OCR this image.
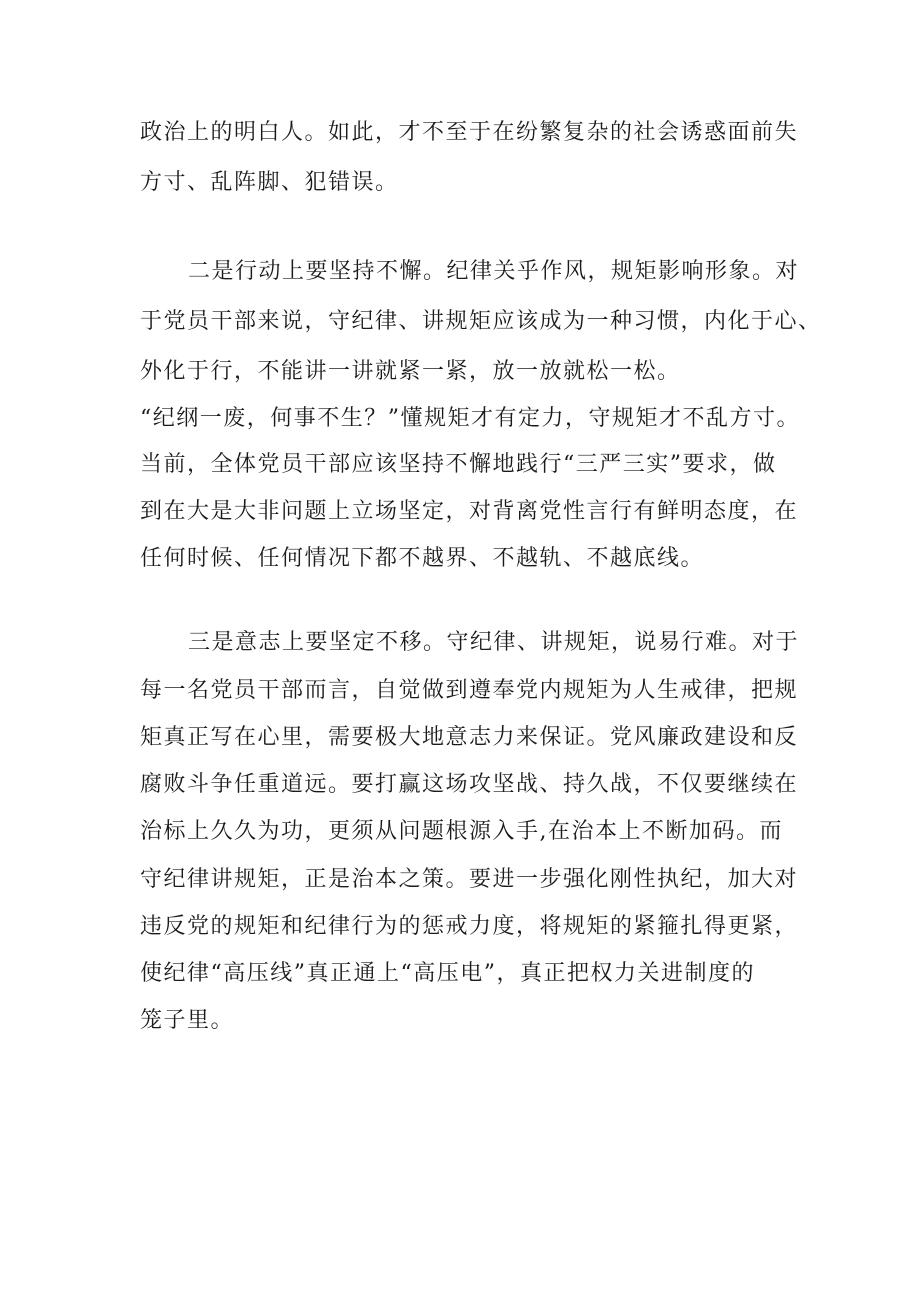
政治上的明白人。如此，才不至于在纷繁复杂的社会诱惑面前失
方寸、乱阵脚、犯错误。
二是行动上要坚持不懈。纪律关乎作风，规矩影响形象。对
于党员干部来说，守纪律、讲规矩应该成为一种习惯，内化于心、
外化于行，不能讲一讲就紧一紧，放一放就松一松。
“纪纲一废，何事不生？”懂规矩才有定力，守规矩才不乱方寸。
当前，全体党员干部应该坚持不懈地践行“三严三实”要求，做
到在大是大非问题上立场坚定，对背离党性言行有鲜明态度，在
任何时候、任何情况下都不越界、不越轨、不越底线。
三是意志上要坚定不移。守纪律、讲规矩，说易行难。对于
每一名党员干部而言，自觉做到遵奉党内规矩为人生戒律，把规
矩真正写在心里，需要极大地意志力来保证。党风廉政建设和反
腐败斗争任重道远。要打赢这场攻坚战、持久战，不仅要继续在
治标上久久为功，更须从问题根源入手,在治本上不断加码。而
守纪律讲规矩，正是治本之策。要进一步强化刚性执纪，加大对
违反党的规矩和纪律行为的惩戒力度，将规矩的紧箍扎得更紧，
使纪律“高压线”真正通上“高压电”，真正把权力关进制度的
笼子里。
